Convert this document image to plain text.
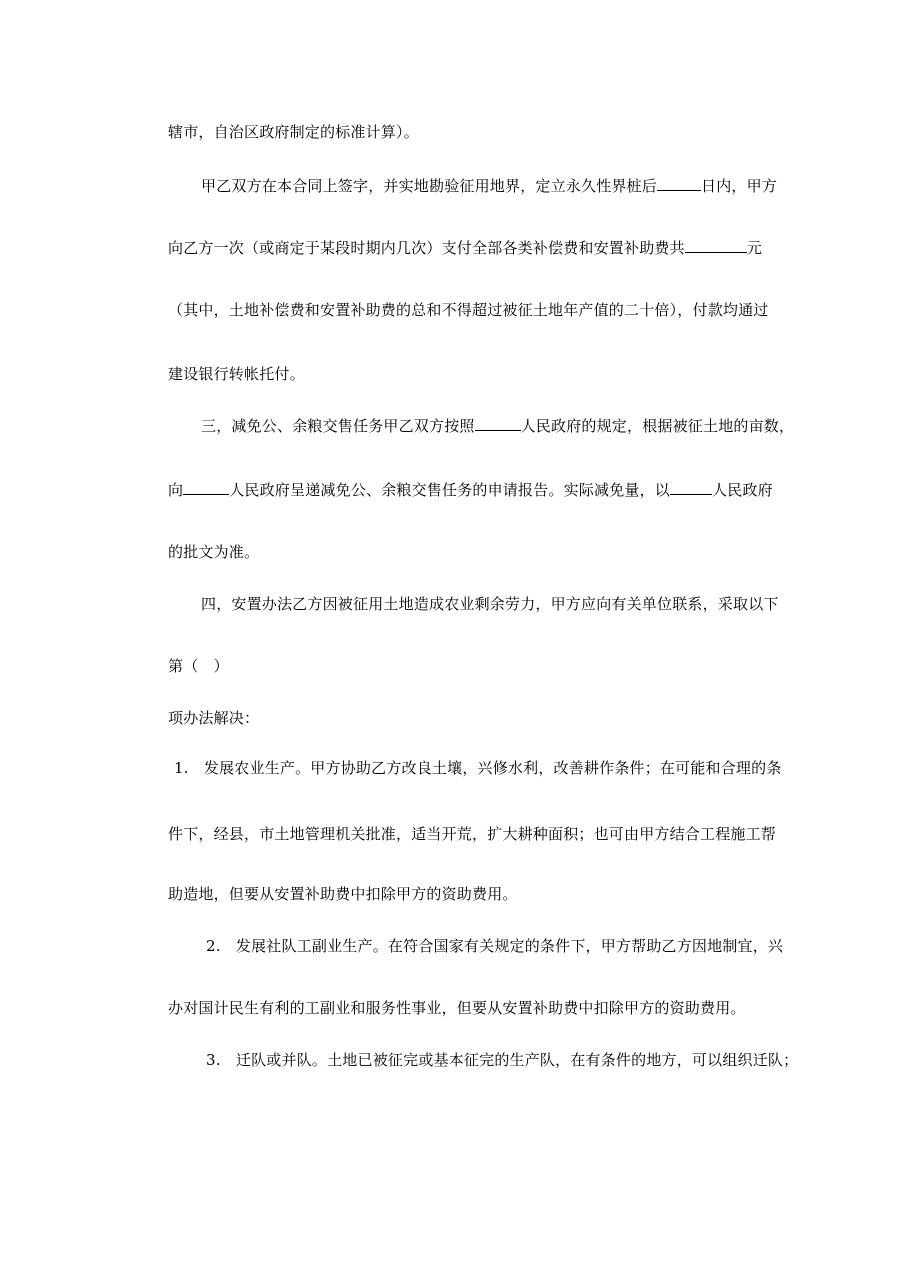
辖市，自治区政府制定的标准计算）。
甲乙双方在本合同上签字，并实地勘验征用地界，定立永久性界桩后	日内，甲方
向乙方一次（或商定于某段时期内几次）支付全部各类补偿费和安置补助费共	元
（其中，土地补偿费和安置补助费的总和不得超过被征土地年产值的二十倍），付款均通过
建设银行转帐托付。
三，减免公、余粮交售任务甲乙双方按照	人民政府的规定，根据被征土地的亩数，
向	人民政府呈递减免公、余粮交售任务的申请报告。实际减免量，以	人民政府
的批文为准。
四，安置办法乙方因被征用土地造成农业剩余劳力，甲方应向有关单位联系，采取以下
第（　）
项办法解决：
1.　发展农业生产。甲方协助乙方改良土壤，兴修水利，改善耕作条件；在可能和合理的条
件下，经县，市土地管理机关批准，适当开荒，扩大耕种面积；也可由甲方结合工程施工帮
助造地，但要从安置补助费中扣除甲方的资助费用。
2.　发展社队工副业生产。在符合国家有关规定的条件下，甲方帮助乙方因地制宜，兴
办对国计民生有利的工副业和服务性事业，但要从安置补助费中扣除甲方的资助费用。
3.　迁队或并队。土地已被征完或基本征完的生产队，在有条件的地方，可以组织迁队；
